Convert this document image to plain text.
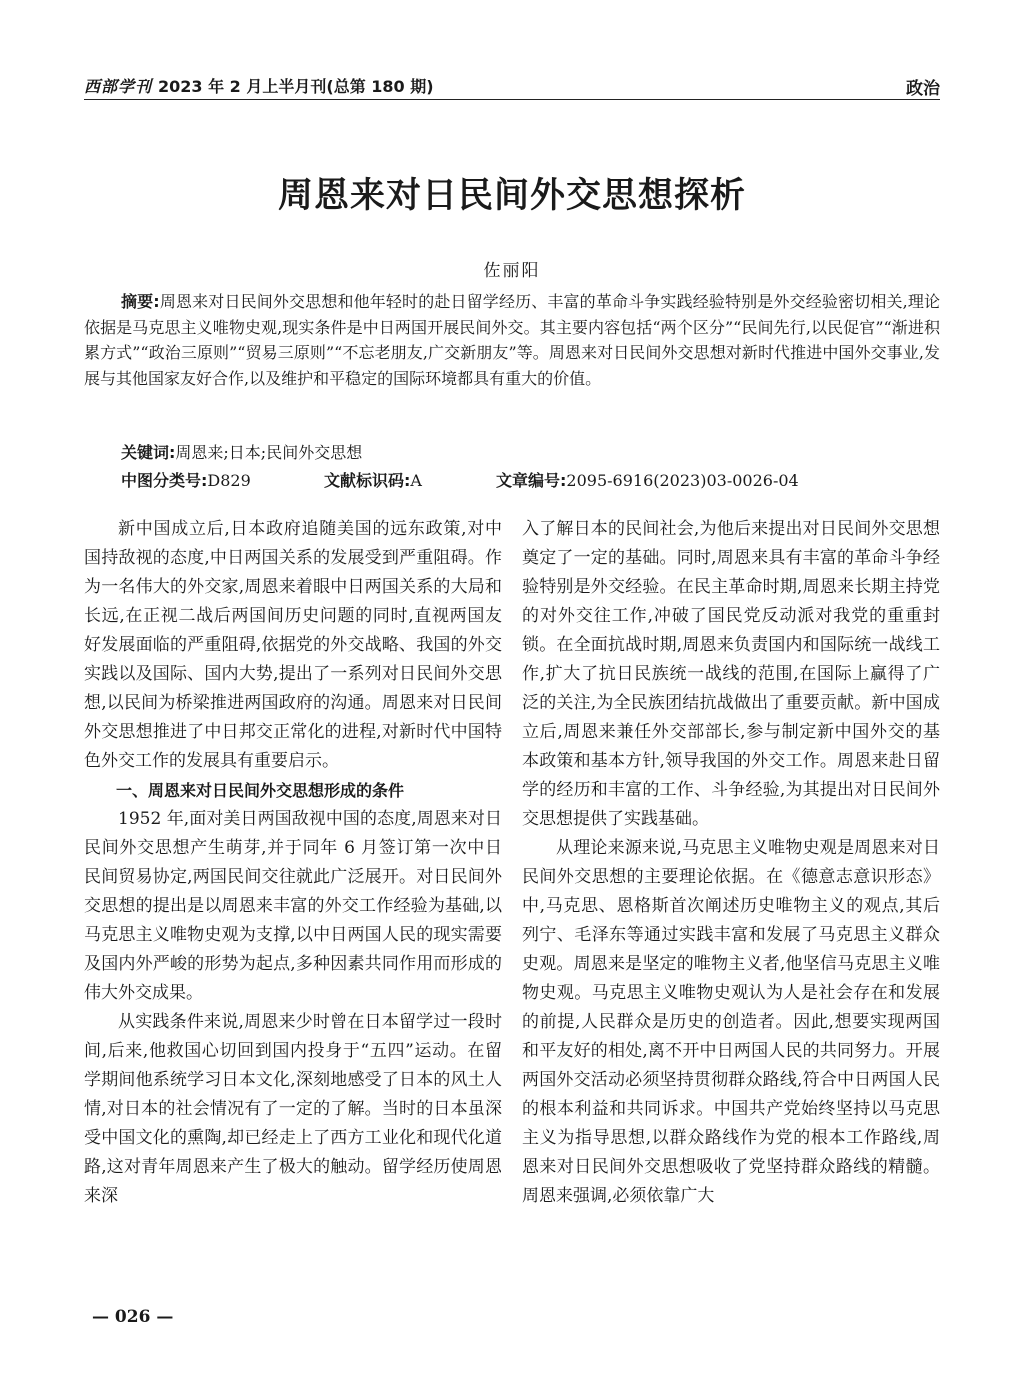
西部学刊 2023 年 2 月上半月刊(总第 180 期)	政治
周恩来对日民间外交思想探析
佐丽阳
摘要:周恩来对日民间外交思想和他年轻时的赴日留学经历、丰富的革命斗争实践经验特别是外交经验密切相关,理论依据是马克思主义唯物史观,现实条件是中日两国开展民间外交。其主要内容包括“两个区分”“民间先行,以民促官”“渐进积累方式”“政治三原则”“贸易三原则”“不忘老朋友,广交新朋友”等。周恩来对日民间外交思想对新时代推进中国外交事业,发展与其他国家友好合作,以及维护和平稳定的国际环境都具有重大的价值。
关键词:周恩来;日本;民间外交思想
中图分类号:D829	文献标识码:A	文章编号:2095-6916(2023)03-0026-04

新中国成立后,日本政府追随美国的远东政策,对中国持敌视的态度,中日两国关系的发展受到严重阻碍。作为一名伟大的外交家,周恩来着眼中日两国关系的大局和长远,在正视二战后两国间历史问题的同时,直视两国友好发展面临的严重阻碍,依据党的外交战略、我国的外交实践以及国际、国内大势,提出了一系列对日民间外交思想,以民间为桥梁推进两国政府的沟通。周恩来对日民间外交思想推进了中日邦交正常化的进程,对新时代中国特色外交工作的发展具有重要启示。

一、周恩来对日民间外交思想形成的条件

1952 年,面对美日两国敌视中国的态度,周恩来对日民间外交思想产生萌芽,并于同年 6 月签订第一次中日民间贸易协定,两国民间交往就此广泛展开。对日民间外交思想的提出是以周恩来丰富的外交工作经验为基础,以马克思主义唯物史观为支撑,以中日两国人民的现实需要及国内外严峻的形势为起点,多种因素共同作用而形成的伟大外交成果。

从实践条件来说,周恩来少时曾在日本留学过一段时间,后来,他救国心切回到国内投身于“五四”运动。在留学期间他系统学习日本文化,深刻地感受了日本的风土人情,对日本的社会情况有了一定的了解。当时的日本虽深受中国文化的熏陶,却已经走上了西方工业化和现代化道路,这对青年周恩来产生了极大的触动。留学经历使周恩来深

入了解日本的民间社会,为他后来提出对日民间外交思想奠定了一定的基础。同时,周恩来具有丰富的革命斗争经验特别是外交经验。在民主革命时期,周恩来长期主持党的对外交往工作,冲破了国民党反动派对我党的重重封锁。在全面抗战时期,周恩来负责国内和国际统一战线工作,扩大了抗日民族统一战线的范围,在国际上赢得了广泛的关注,为全民族团结抗战做出了重要贡献。新中国成立后,周恩来兼任外交部部长,参与制定新中国外交的基本政策和基本方针,领导我国的外交工作。周恩来赴日留学的经历和丰富的工作、斗争经验,为其提出对日民间外交思想提供了实践基础。

从理论来源来说,马克思主义唯物史观是周恩来对日民间外交思想的主要理论依据。在《德意志意识形态》中,马克思、恩格斯首次阐述历史唯物主义的观点,其后列宁、毛泽东等通过实践丰富和发展了马克思主义群众史观。周恩来是坚定的唯物主义者,他坚信马克思主义唯物史观。马克思主义唯物史观认为人是社会存在和发展的前提,人民群众是历史的创造者。因此,想要实现两国和平友好的相处,离不开中日两国人民的共同努力。开展两国外交活动必须坚持贯彻群众路线,符合中日两国人民的根本利益和共同诉求。中国共产党始终坚持以马克思主义为指导思想,以群众路线作为党的根本工作路线,周恩来对日民间外交思想吸收了党坚持群众路线的精髓。周恩来强调,必须依靠广大

— 026 —
